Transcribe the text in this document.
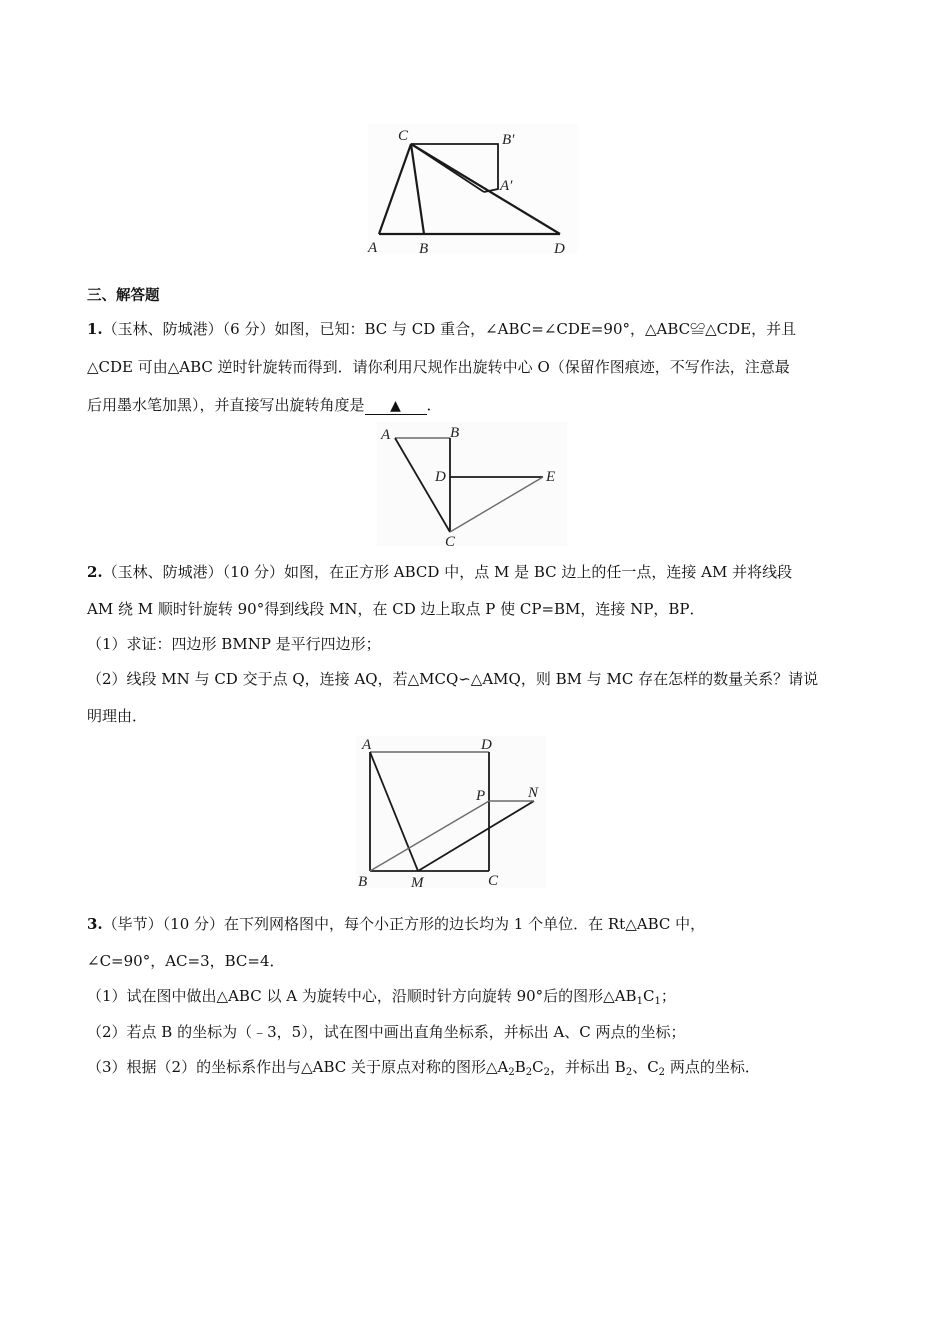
C	B′
A′
A	B	D
三、解答题
1.（玉林、防城港）（6 分）如图，已知：BC 与 CD 重合，∠ABC=∠CDE=90°，△ABC≌△CDE，并且
△CDE 可由△ABC 逆时针旋转而得到．请你利用尺规作出旋转中心 O（保留作图痕迹，不写作法，注意最
后用墨水笔加黑），并直接写出旋转角度是 ▲ ．
A	B
D	E
C
2.（玉林、防城港）（10 分）如图，在正方形 ABCD 中，点 M 是 BC 边上的任一点，连接 AM 并将线段
AM 绕 M 顺时针旋转 90°得到线段 MN，在 CD 边上取点 P 使 CP=BM，连接 NP，BP．
（1）求证：四边形 BMNP 是平行四边形；
（2）线段 MN 与 CD 交于点 Q，连接 AQ，若△MCQ∽△AMQ，则 BM 与 MC 存在怎样的数量关系？请说
明理由．
A	D
P	N
B	M	C
3.（毕节）（10 分）在下列网格图中，每个小正方形的边长均为 1 个单位．在 Rt△ABC 中，
∠C=90°，AC=3，BC=4．
（1）试在图中做出△ABC 以 A 为旋转中心，沿顺时针方向旋转 90°后的图形$\triangle AB_1C_1$；
（2）若点 B 的坐标为（﹣3，5），试在图中画出直角坐标系，并标出 A、C 两点的坐标；
（3）根据（2）的坐标系作出与△ABC 关于原点对称的图形$\triangle A_2B_2C_2$，并标出 $B_2$、$C_2$ 两点的坐标．
